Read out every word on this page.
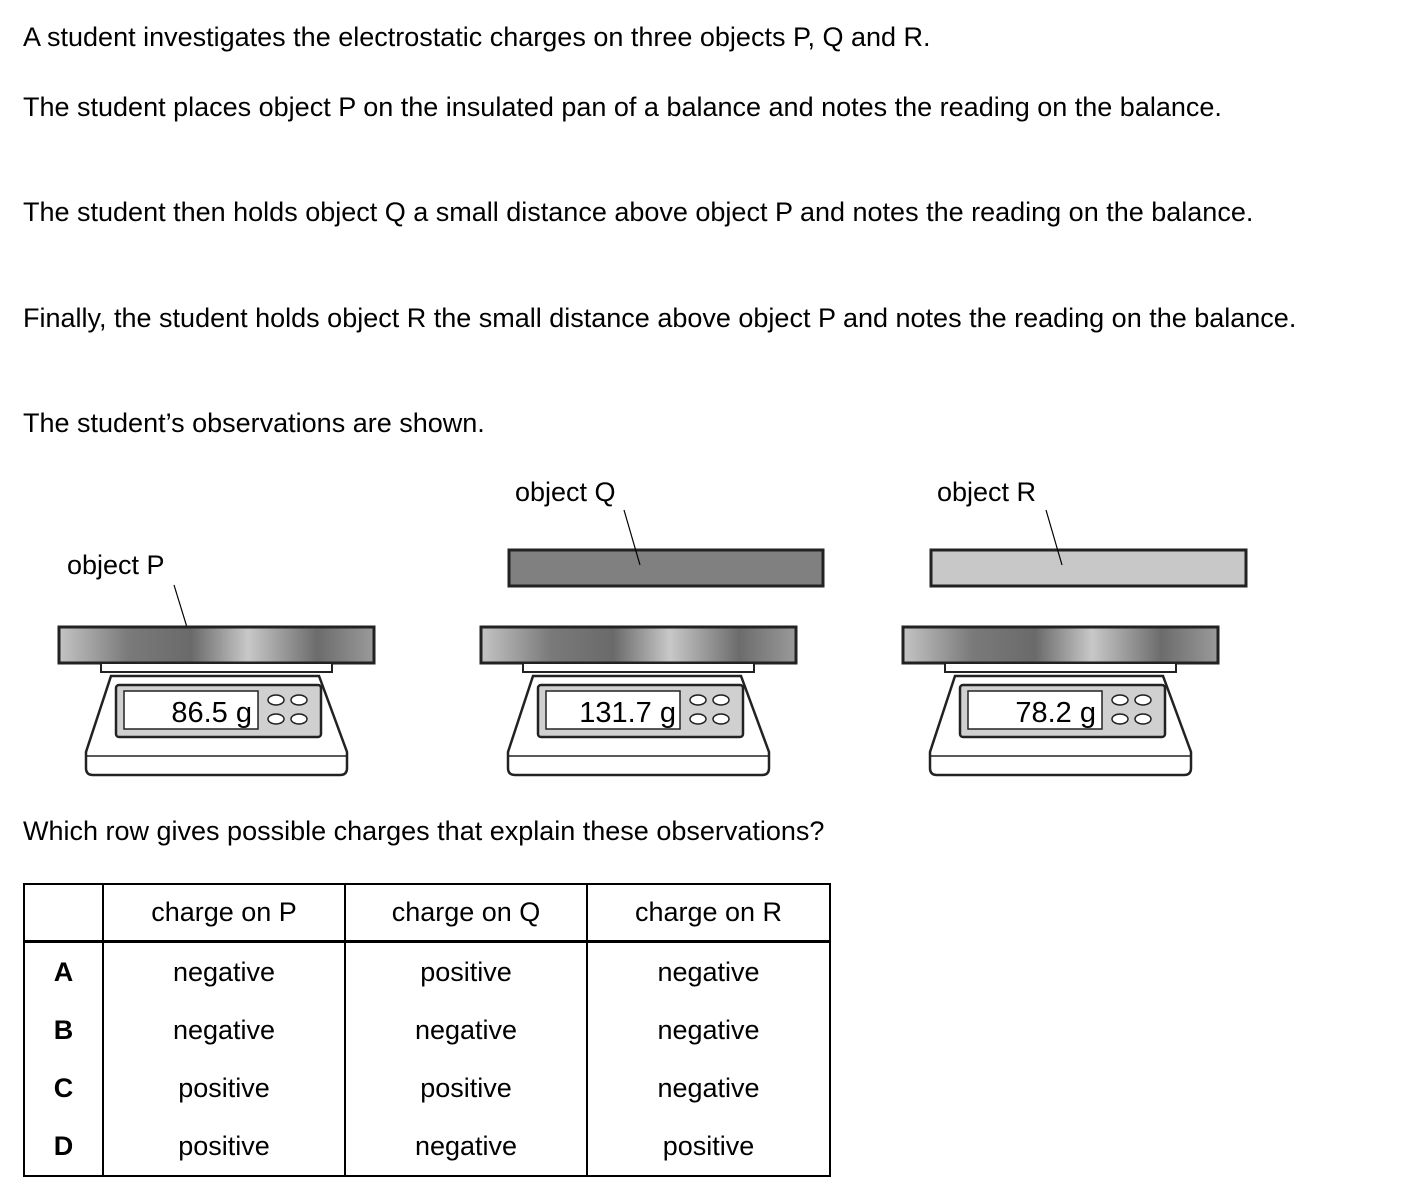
A student investigates the electrostatic charges on three objects P, Q and R.

The student places object P on the insulated pan of a balance and notes the reading on the balance.

The student then holds object Q a small distance above object P and notes the reading on the balance.

Finally, the student holds object R the small distance above object P and notes the reading on the balance.

The student’s observations are shown.

object P
object Q	object R
86.5 g	131.7 g	78.2 g

Which row gives possible charges that explain these observations?

	charge on P	charge on Q	charge on R
A	negative	positive	negative
B	negative	negative	negative
C	positive	positive	negative
D	positive	negative	positive
